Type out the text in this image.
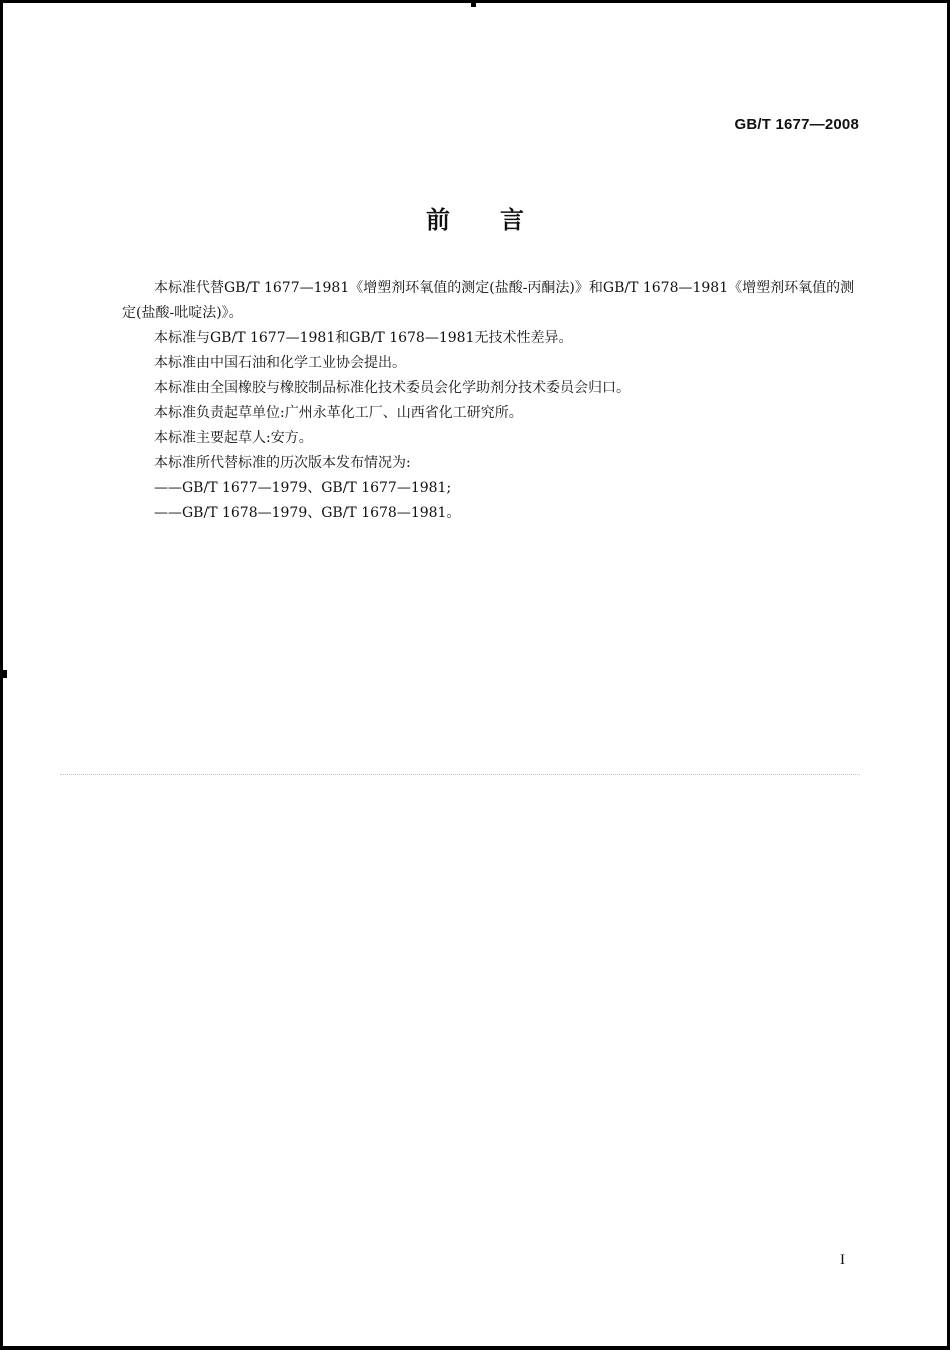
GB/T 1677—2008
前言

本标准代替GB/T 1677—1981《增塑剂环氧值的测定(盐酸-丙酮法)》和GB/T 1678—1981《增塑剂环氧值的测定(盐酸-吡啶法)》。

本标准与GB/T 1677—1981和GB/T 1678—1981无技术性差异。

本标准由中国石油和化学工业协会提出。

本标准由全国橡胶与橡胶制品标准化技术委员会化学助剂分技术委员会归口。

本标准负责起草单位:广州永革化工厂、山西省化工研究所。

本标准主要起草人:安方。

本标准所代替标准的历次版本发布情况为:

——GB/T 1677—1979、GB/T 1677—1981;

——GB/T 1678—1979、GB/T 1678—1981。

I
